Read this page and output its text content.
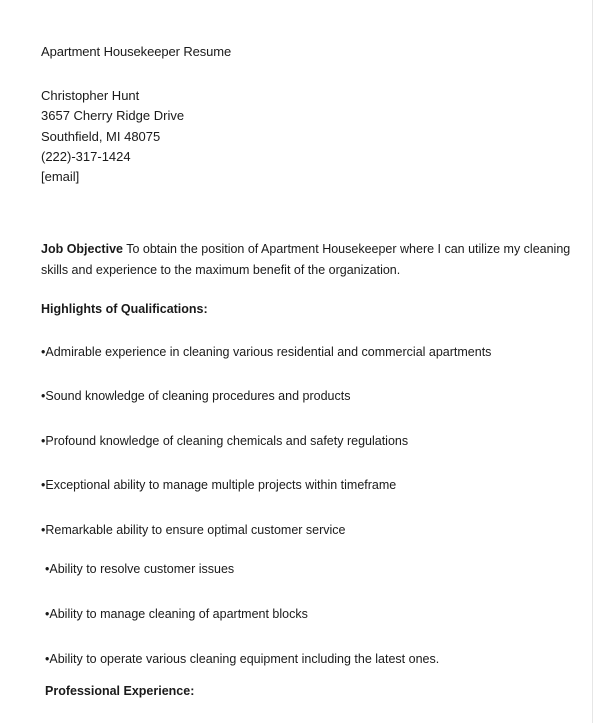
Apartment Housekeeper Resume
Christopher Hunt
3657 Cherry Ridge Drive
Southfield, MI 48075
(222)-317-1424
[email]
Job Objective To obtain the position of Apartment Housekeeper where I can utilize my cleaning skills and experience to the maximum benefit of the organization.
Highlights of Qualifications:
•Admirable experience in cleaning various residential and commercial apartments
•Sound knowledge of cleaning procedures and products
•Profound knowledge of cleaning chemicals and safety regulations
•Exceptional ability to manage multiple projects within timeframe
•Remarkable ability to ensure optimal customer service
•Ability to resolve customer issues
•Ability to manage cleaning of apartment blocks
•Ability to operate various cleaning equipment including the latest ones.
Professional Experience:
